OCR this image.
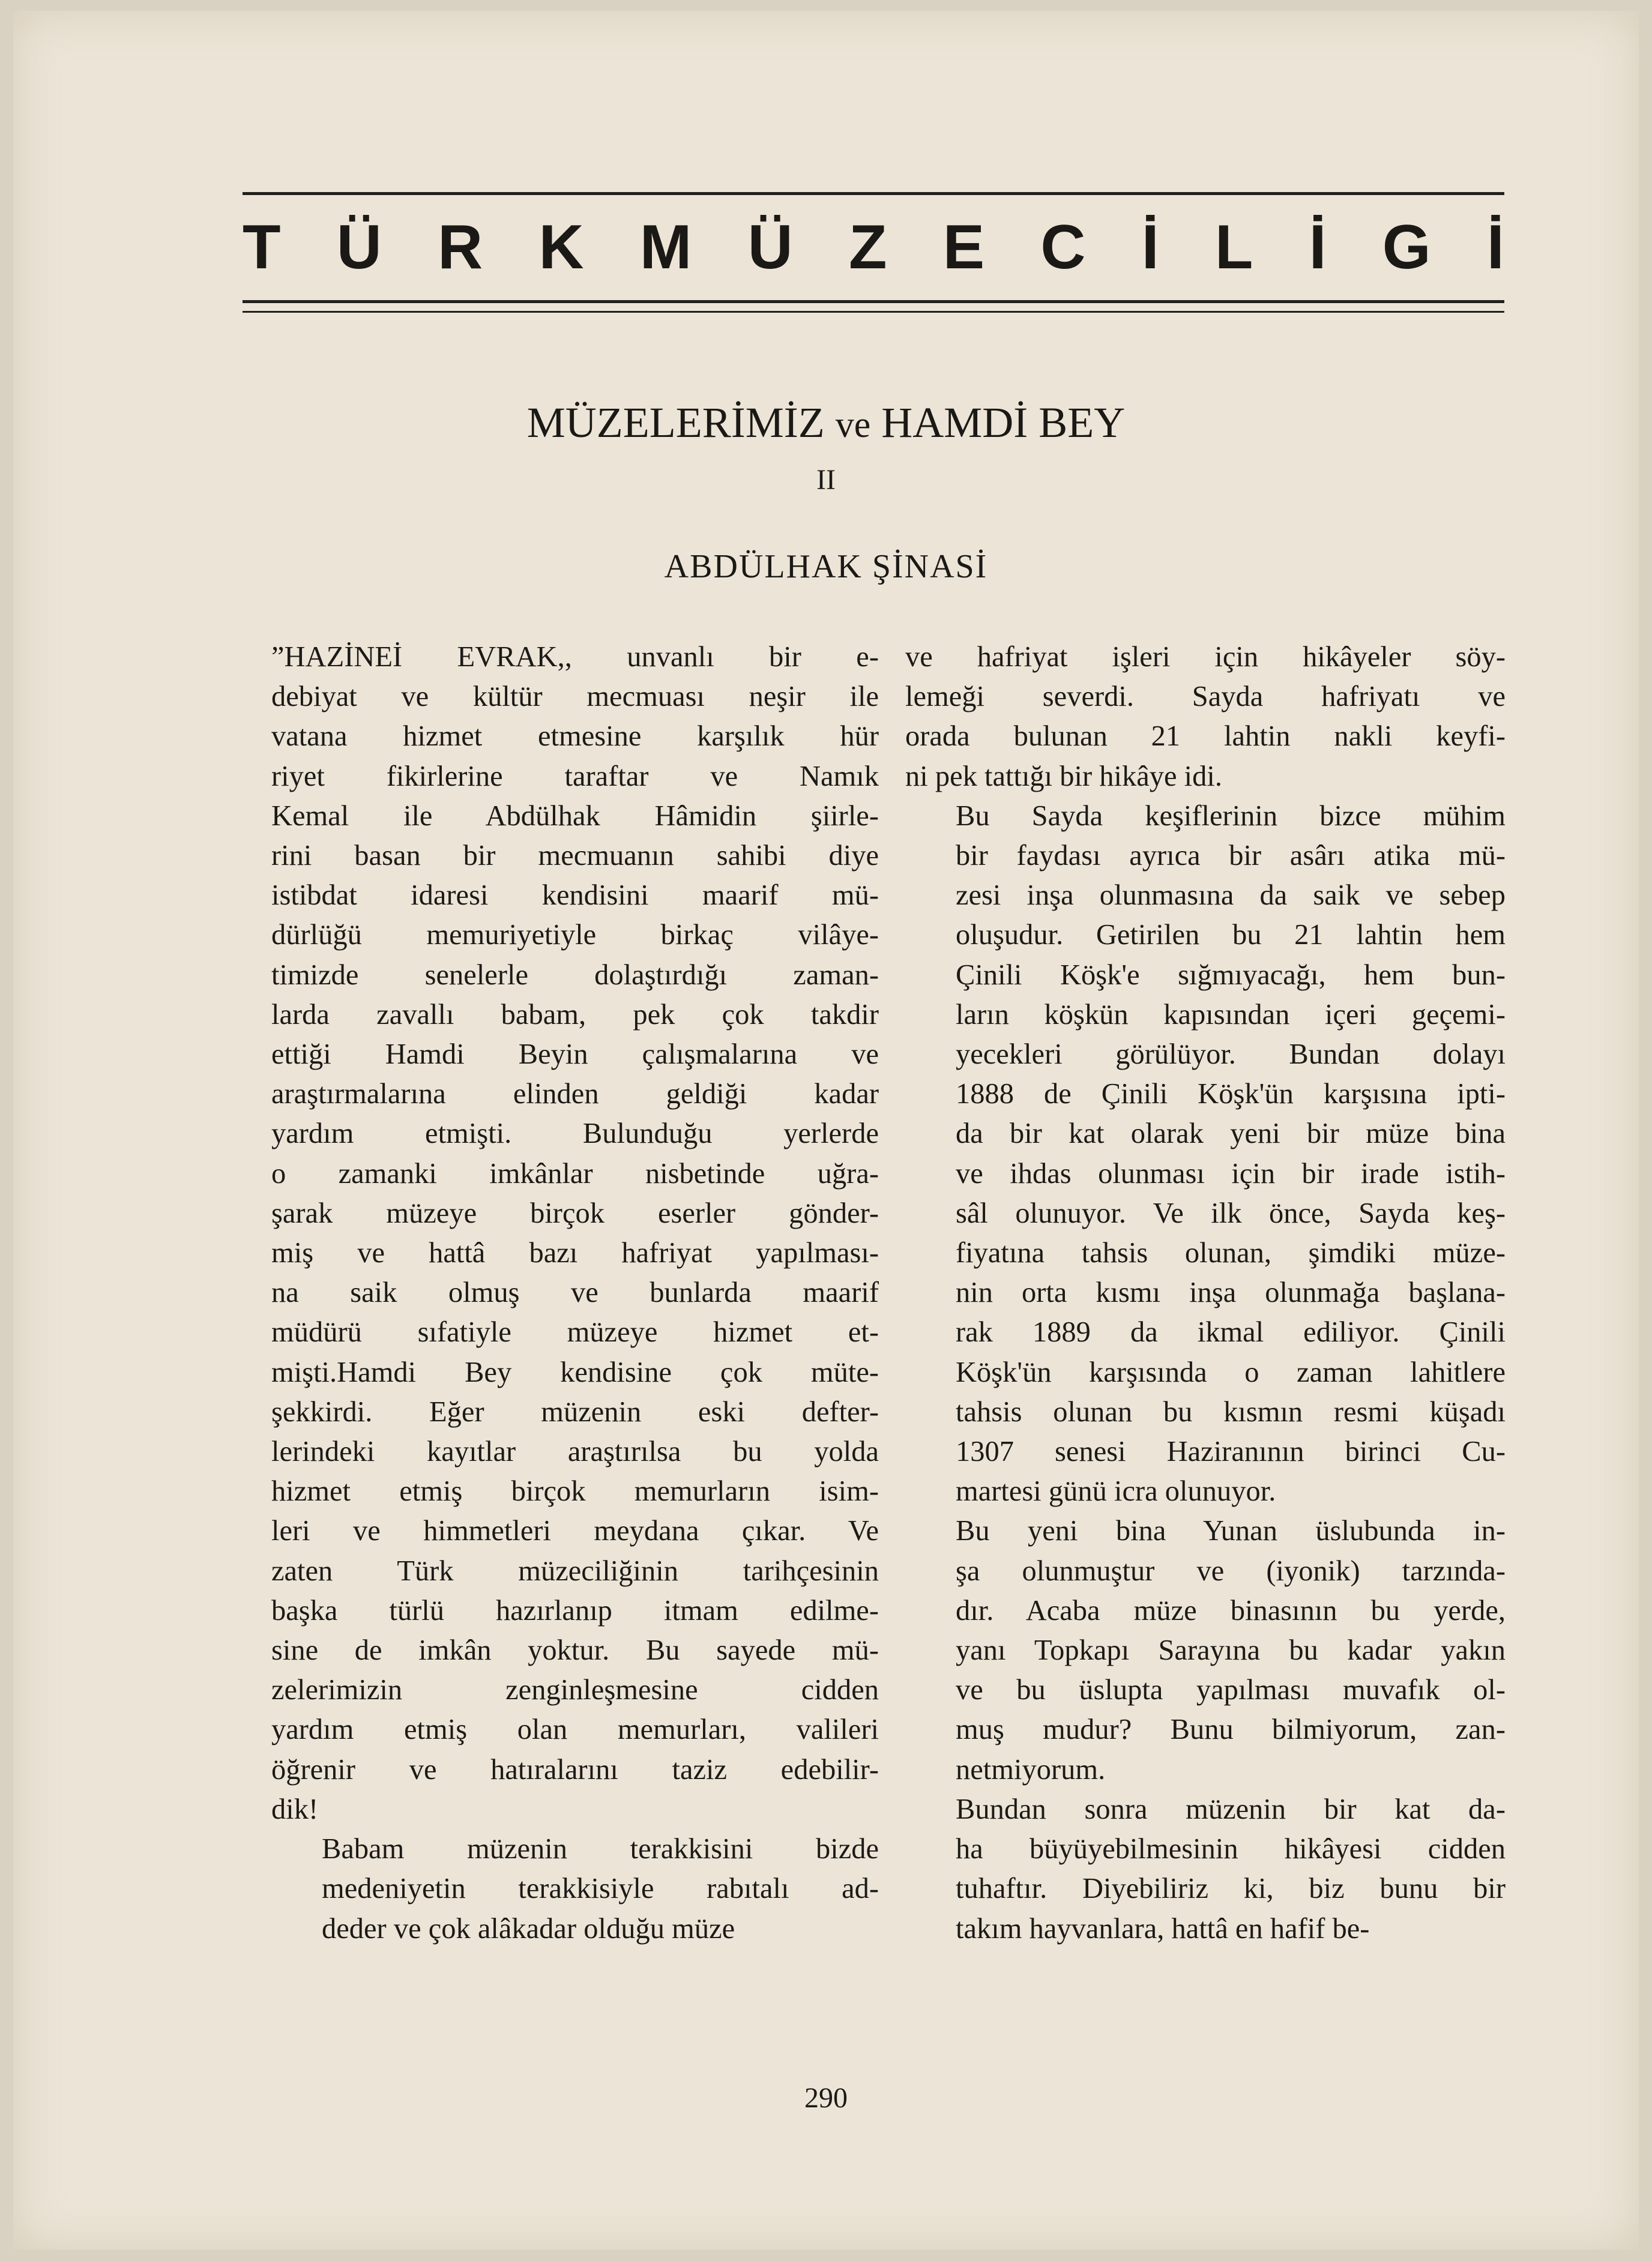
T Ü R K M Ü Z E C İ L İ G İ
MÜZELERİMİZ ve HAMDİ BEY
II
ABDÜLHAK ŞİNASİ

”HAZİNEİ EVRAK,, unvanlı bir e-
debiyat ve kültür mecmuası neşir ile
vatana hizmet etmesine karşılık hür
riyet fikirlerine taraftar ve Namık
Kemal ile Abdülhak Hâmidin şiirle-
rini basan bir mecmuanın sahibi diye
istibdat idaresi kendisini maarif mü-
dürlüğü memuriyetiyle birkaç vilâye-
timizde senelerle dolaştırdığı zaman-
larda zavallı babam, pek çok takdir
ettiği Hamdi Beyin çalışmalarına ve
araştırmalarına elinden geldiği kadar
yardım etmişti. Bulunduğu yerlerde
o zamanki imkânlar nisbetinde uğra-
şarak müzeye birçok eserler gönder-
miş ve hattâ bazı hafriyat yapılması-
na saik olmuş ve bunlarda maarif
müdürü sıfatiyle müzeye hizmet et-
mişti.Hamdi Bey kendisine çok müte-
şekkirdi. Eğer müzenin eski defter-
lerindeki kayıtlar araştırılsa bu yolda
hizmet etmiş birçok memurların isim-
leri ve himmetleri meydana çıkar. Ve
zaten Türk müzeciliğinin tarihçesinin
başka türlü hazırlanıp itmam edilme-
sine de imkân yoktur. Bu sayede mü-
zelerimizin zenginleşmesine cidden
yardım etmiş olan memurları, valileri
öğrenir ve hatıralarını taziz edebilir-
dik!

Babam müzenin terakkisini bizde
medeniyetin terakkisiyle rabıtalı ad-
deder ve çok alâkadar olduğu müze

ve hafriyat işleri için hikâyeler söy-
lemeği severdi. Sayda hafriyatı ve
orada bulunan 21 lahtin nakli keyfi-
ni pek tattığı bir hikâye idi.

Bu Sayda keşiflerinin bizce mühim
bir faydası ayrıca bir asârı atika mü-
zesi inşa olunmasına da saik ve sebep
oluşudur. Getirilen bu 21 lahtin hem
Çinili Köşk'e sığmıyacağı, hem bun-
ların köşkün kapısından içeri geçemi-
yecekleri görülüyor. Bundan dolayı
1888 de Çinili Köşk'ün karşısına ipti-
da bir kat olarak yeni bir müze bina
ve ihdas olunması için bir irade istih-
sâl olunuyor. Ve ilk önce, Sayda keş-
fiyatına tahsis olunan, şimdiki müze-
nin orta kısmı inşa olunmağa başlana-
rak 1889 da ikmal ediliyor. Çinili
Köşk'ün karşısında o zaman lahitlere
tahsis olunan bu kısmın resmi küşadı
1307 senesi Haziranının birinci Cu-
martesi günü icra olunuyor.

Bu yeni bina Yunan üslubunda in-
şa olunmuştur ve (iyonik) tarzında-
dır. Acaba müze binasının bu yerde,
yanı Topkapı Sarayına bu kadar yakın
ve bu üslupta yapılması muvafık ol-
muş mudur? Bunu bilmiyorum, zan-
netmiyorum.

Bundan sonra müzenin bir kat da-
ha büyüyebilmesinin hikâyesi cidden
tuhaftır. Diyebiliriz ki, biz bunu bir
takım hayvanlara, hattâ en hafif be-

290
